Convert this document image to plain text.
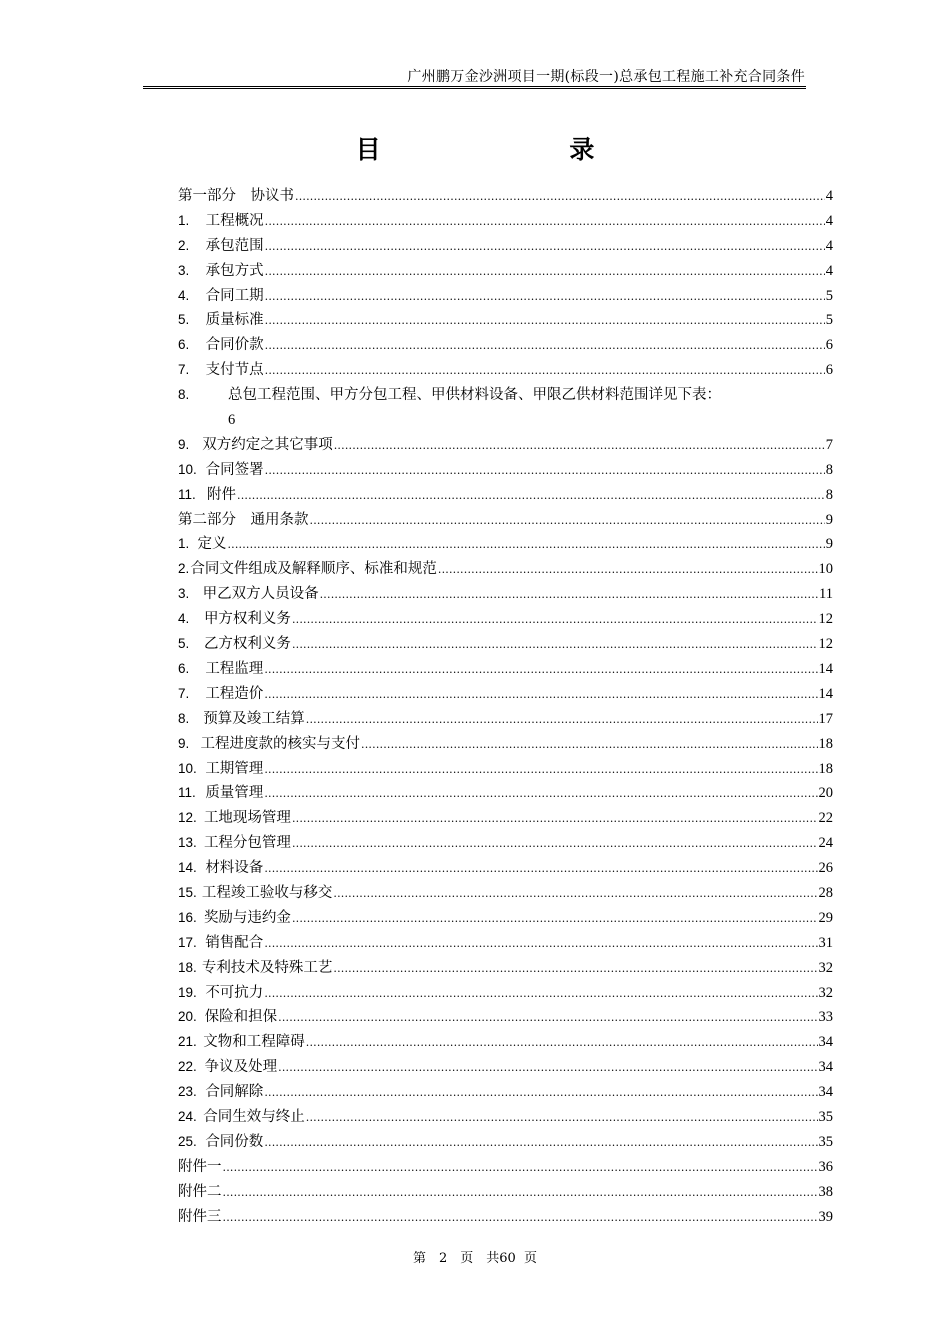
广州鹏万金沙洲项目一期(标段一)总承包工程施工补充合同条件
目 录
第一部分　协议书 .....	4
1.	工程概况 .....	4
2.	承包范围 .....	4
3.	承包方式 .....	4
4.	合同工期 .....	5
5.	质量标准 .....	5
6.	合同价款 .....	6
7.	支付节点 .....	6
8.	总包工程范围、甲方分包工程、甲供材料设备、甲限乙供材料范围详见下表：
6
9. 双方约定之其它事项 .....	7
10. 合同签署 .....	8
11. 附件 .....	8
第二部分　通用条款 .....	9
1. 定义 .....	9
2. 合同文件组成及解释顺序、标准和规范 .....	10
3. 甲乙双方人员设备 .....	11
4.	甲方权利义务 .....	12
5.	乙方权利义务 .....	12
6.	工程监理 .....	14
7.	工程造价 .....	14
8. 预算及竣工结算 .....	17
9. 工程进度款的核实与支付 .....	18
10. 工期管理 .....	18
11. 质量管理 .....	20
12. 工地现场管理 .....	22
13. 工程分包管理 .....	24
14. 材料设备 .....	26
15. 工程竣工验收与移交 .....	28
16. 奖励与违约金 .....	29
17. 销售配合 .....	31
18. 专利技术及特殊工艺 .....	32
19. 不可抗力 .....	32
20. 保险和担保 .....	33
21. 文物和工程障碍 .....	34
22. 争议及处理 .....	34
23. 合同解除 .....	34
24. 合同生效与终止 .....	35
25. 合同份数 .....	35
附件一 .....	36
附件二 .....	38
附件三 .....	39
第　2　页　共60 页
